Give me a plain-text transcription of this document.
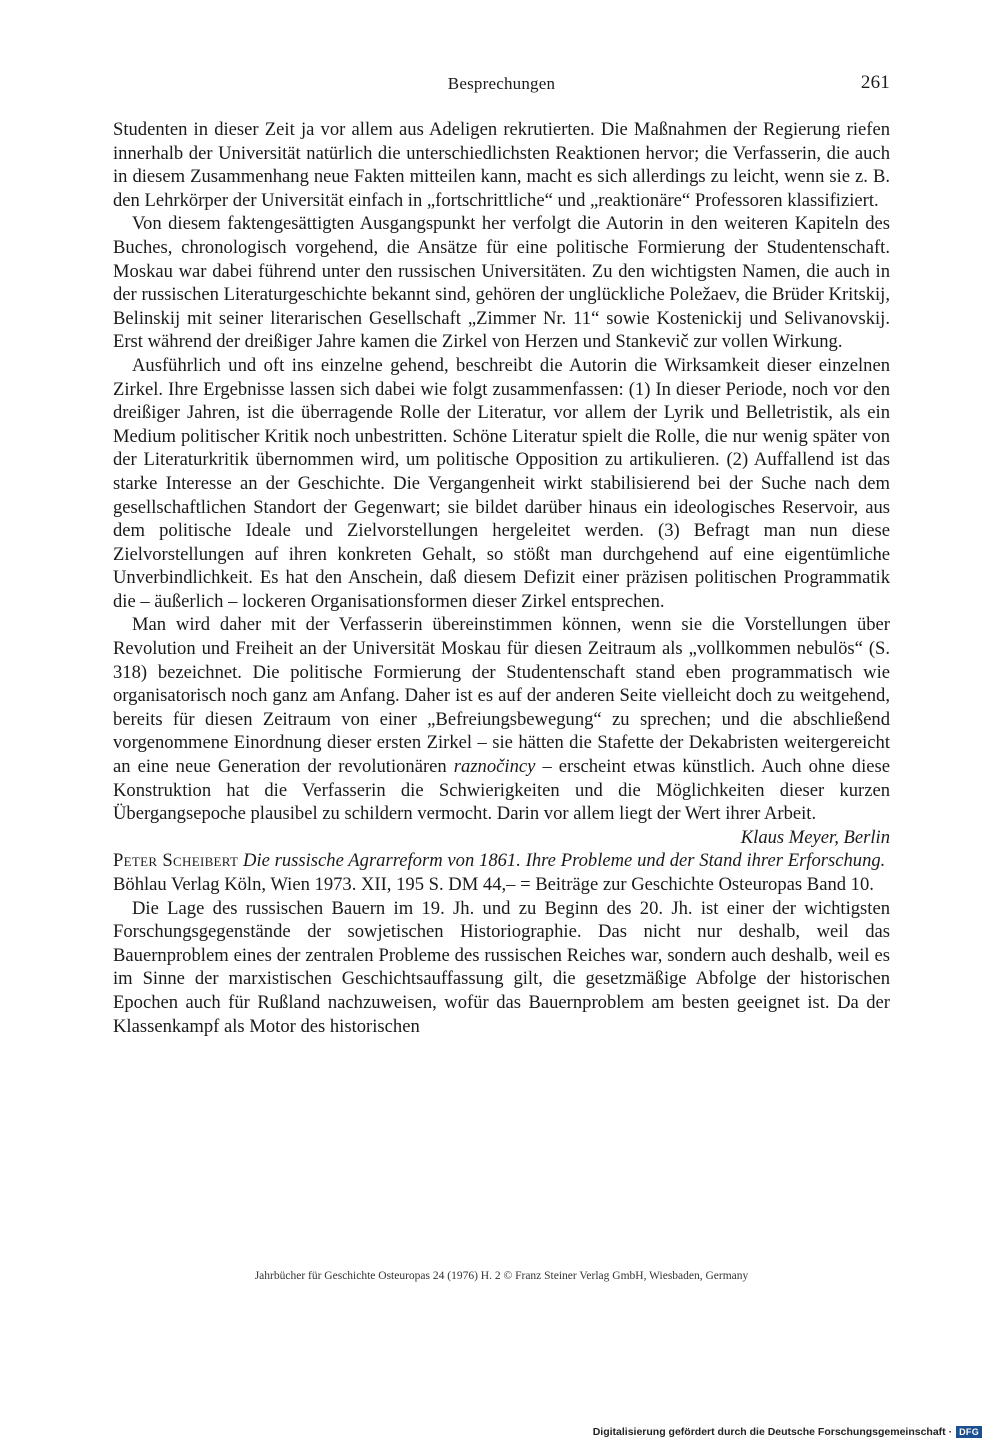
Besprechungen	261

Studenten in dieser Zeit ja vor allem aus Adeligen rekrutierten. Die Maßnahmen der Regierung riefen innerhalb der Universität natürlich die unterschiedlichsten Reaktionen hervor; die Verfasserin, die auch in diesem Zusammenhang neue Fakten mitteilen kann, macht es sich allerdings zu leicht, wenn sie z. B. den Lehrkörper der Universität einfach in „fortschrittliche“ und „reaktionäre“ Professoren klassifiziert.

Von diesem faktengesättigten Ausgangspunkt her verfolgt die Autorin in den weiteren Kapiteln des Buches, chronologisch vorgehend, die Ansätze für eine politische Formierung der Studentenschaft. Moskau war dabei führend unter den russischen Universitäten. Zu den wichtigsten Namen, die auch in der russischen Literaturgeschichte bekannt sind, gehören der unglückliche Poležaev, die Brüder Kritskij, Belinskij mit seiner literarischen Gesellschaft „Zimmer Nr. 11“ sowie Kostenickij und Selivanovskij. Erst während der dreißiger Jahre kamen die Zirkel von Herzen und Stankevič zur vollen Wirkung.

Ausführlich und oft ins einzelne gehend, beschreibt die Autorin die Wirksamkeit dieser einzelnen Zirkel. Ihre Ergebnisse lassen sich dabei wie folgt zusammenfassen: (1) In dieser Periode, noch vor den dreißiger Jahren, ist die überragende Rolle der Literatur, vor allem der Lyrik und Belletristik, als ein Medium politischer Kritik noch unbestritten. Schöne Literatur spielt die Rolle, die nur wenig später von der Literaturkritik übernommen wird, um politische Opposition zu artikulieren. (2) Auffallend ist das starke Interesse an der Geschichte. Die Vergangenheit wirkt stabilisierend bei der Suche nach dem gesellschaftlichen Standort der Gegenwart; sie bildet darüber hinaus ein ideologisches Reservoir, aus dem politische Ideale und Zielvorstellungen hergeleitet werden. (3) Befragt man nun diese Zielvorstellungen auf ihren konkreten Gehalt, so stößt man durchgehend auf eine eigentümliche Unverbindlichkeit. Es hat den Anschein, daß diesem Defizit einer präzisen politischen Programmatik die – äußerlich – lockeren Organisationsformen dieser Zirkel entsprechen.

Man wird daher mit der Verfasserin übereinstimmen können, wenn sie die Vorstellungen über Revolution und Freiheit an der Universität Moskau für diesen Zeitraum als „vollkommen nebulös“ (S. 318) bezeichnet. Die politische Formierung der Studentenschaft stand eben programmatisch wie organisatorisch noch ganz am Anfang. Daher ist es auf der anderen Seite vielleicht doch zu weitgehend, bereits für diesen Zeitraum von einer „Befreiungsbewegung“ zu sprechen; und die abschließend vorgenommene Einordnung dieser ersten Zirkel – sie hätten die Stafette der Dekabristen weitergereicht an eine neue Generation der revolutionären raznočincy – erscheint etwas künstlich. Auch ohne diese Konstruktion hat die Verfasserin die Schwierigkeiten und die Möglichkeiten dieser kurzen Übergangsepoche plausibel zu schildern vermocht. Darin vor allem liegt der Wert ihrer Arbeit.

Klaus Meyer, Berlin

Peter Scheibert Die russische Agrarreform von 1861. Ihre Probleme und der Stand ihrer Erforschung.  Böhlau Verlag Köln, Wien 1973. XII, 195 S. DM 44,– = Beiträge zur Geschichte Osteuropas Band 10.

Die Lage des russischen Bauern im 19. Jh. und zu Beginn des 20. Jh. ist einer der wichtigsten Forschungsgegenstände der sowjetischen Historiographie. Das nicht nur deshalb, weil das Bauernproblem eines der zentralen Probleme des russischen Reiches war, sondern auch deshalb, weil es im Sinne der marxistischen Geschichtsauffassung gilt, die gesetzmäßige Abfolge der historischen Epochen auch für Rußland nachzuweisen, wofür das Bauernproblem am besten geeignet ist. Da der Klassenkampf als Motor des historischen

Jahrbücher für Geschichte Osteuropas 24 (1976) H. 2 © Franz Steiner Verlag GmbH, Wiesbaden, Germany
Digitalisierung gefördert durch die Deutsche Forschungsgemeinschaft · DFG
